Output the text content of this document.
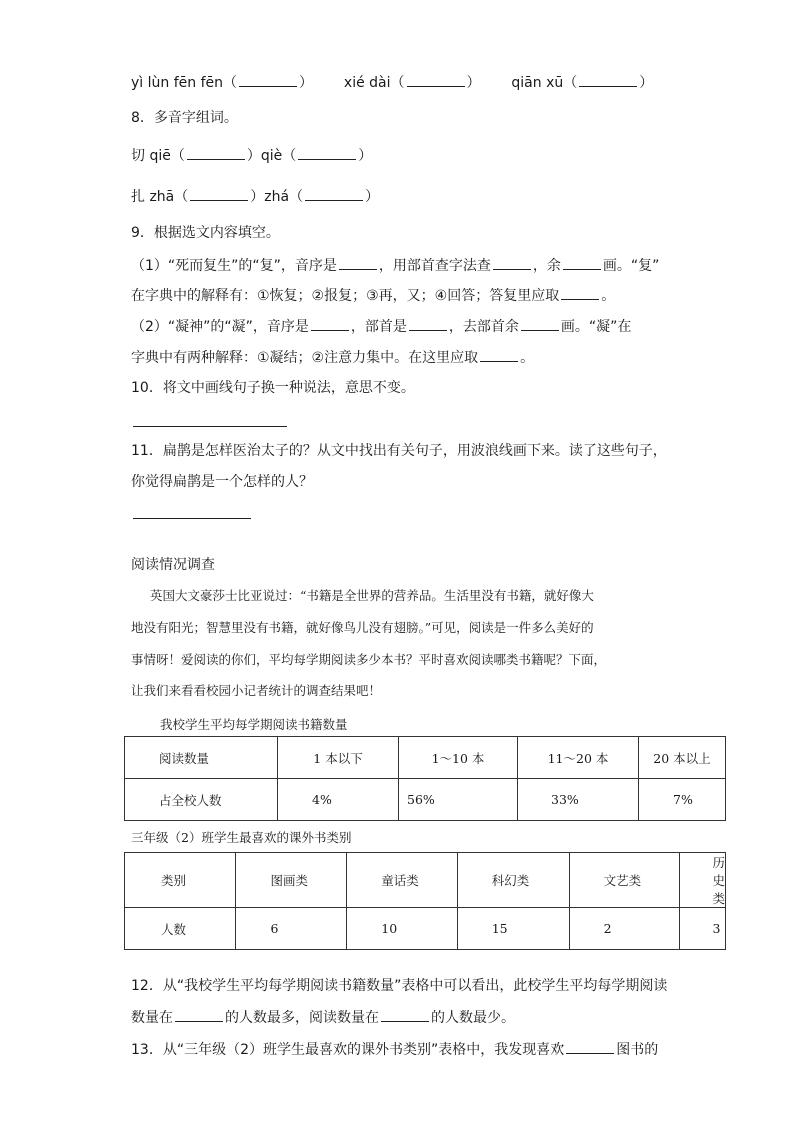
yì lùn fēn fēn（	）  xié dài（	）  qiān xū（	）
8．多音字组词。
切 qiē（	）qiè（	）
扎 zhā（	）zhá（	）
9．根据选文内容填空。
（1）“死而复生”的“复”，音序是	，用部首查字法查	，余	画。“复”
在字典中的解释有：①恢复；②报复；③再，又；④回答；答复里应取	。
（2）“凝神”的“凝”，音序是	，部首是	，去部首余	画。“凝”在
字典中有两种解释：①凝结；②注意力集中。在这里应取	。
10．将文中画线句子换一种说法，意思不变。
11．扁鹊是怎样医治太子的？从文中找出有关句子，用波浪线画下来。读了这些句子，
你觉得扁鹊是一个怎样的人？
阅读情况调查
英国大文豪莎士比亚说过：“书籍是全世界的营养品。生活里没有书籍，就好像大
地没有阳光；智慧里没有书籍，就好像鸟儿没有翅膀。”可见，阅读是一件多么美好的
事情呀！爱阅读的你们，平均每学期阅读多少本书？平时喜欢阅读哪类书籍呢？下面，
让我们来看看校园小记者统计的调查结果吧！
我校学生平均每学期阅读书籍数量
阅读数量	1 本以下	1～10 本	11～20 本	20 本以上
占全校人数	4%	56%	33%	7%
三年级（2）班学生最喜欢的课外书类别
类别	图画类	童话类	科幻类	文艺类	历史类
人数	6	10	15	2	3
12．从“我校学生平均每学期阅读书籍数量”表格中可以看出，此校学生平均每学期阅读
数量在	的人数最多，阅读数量在	的人数最少。
13．从“三年级（2）班学生最喜欢的课外书类别”表格中，我发现喜欢	图书的
